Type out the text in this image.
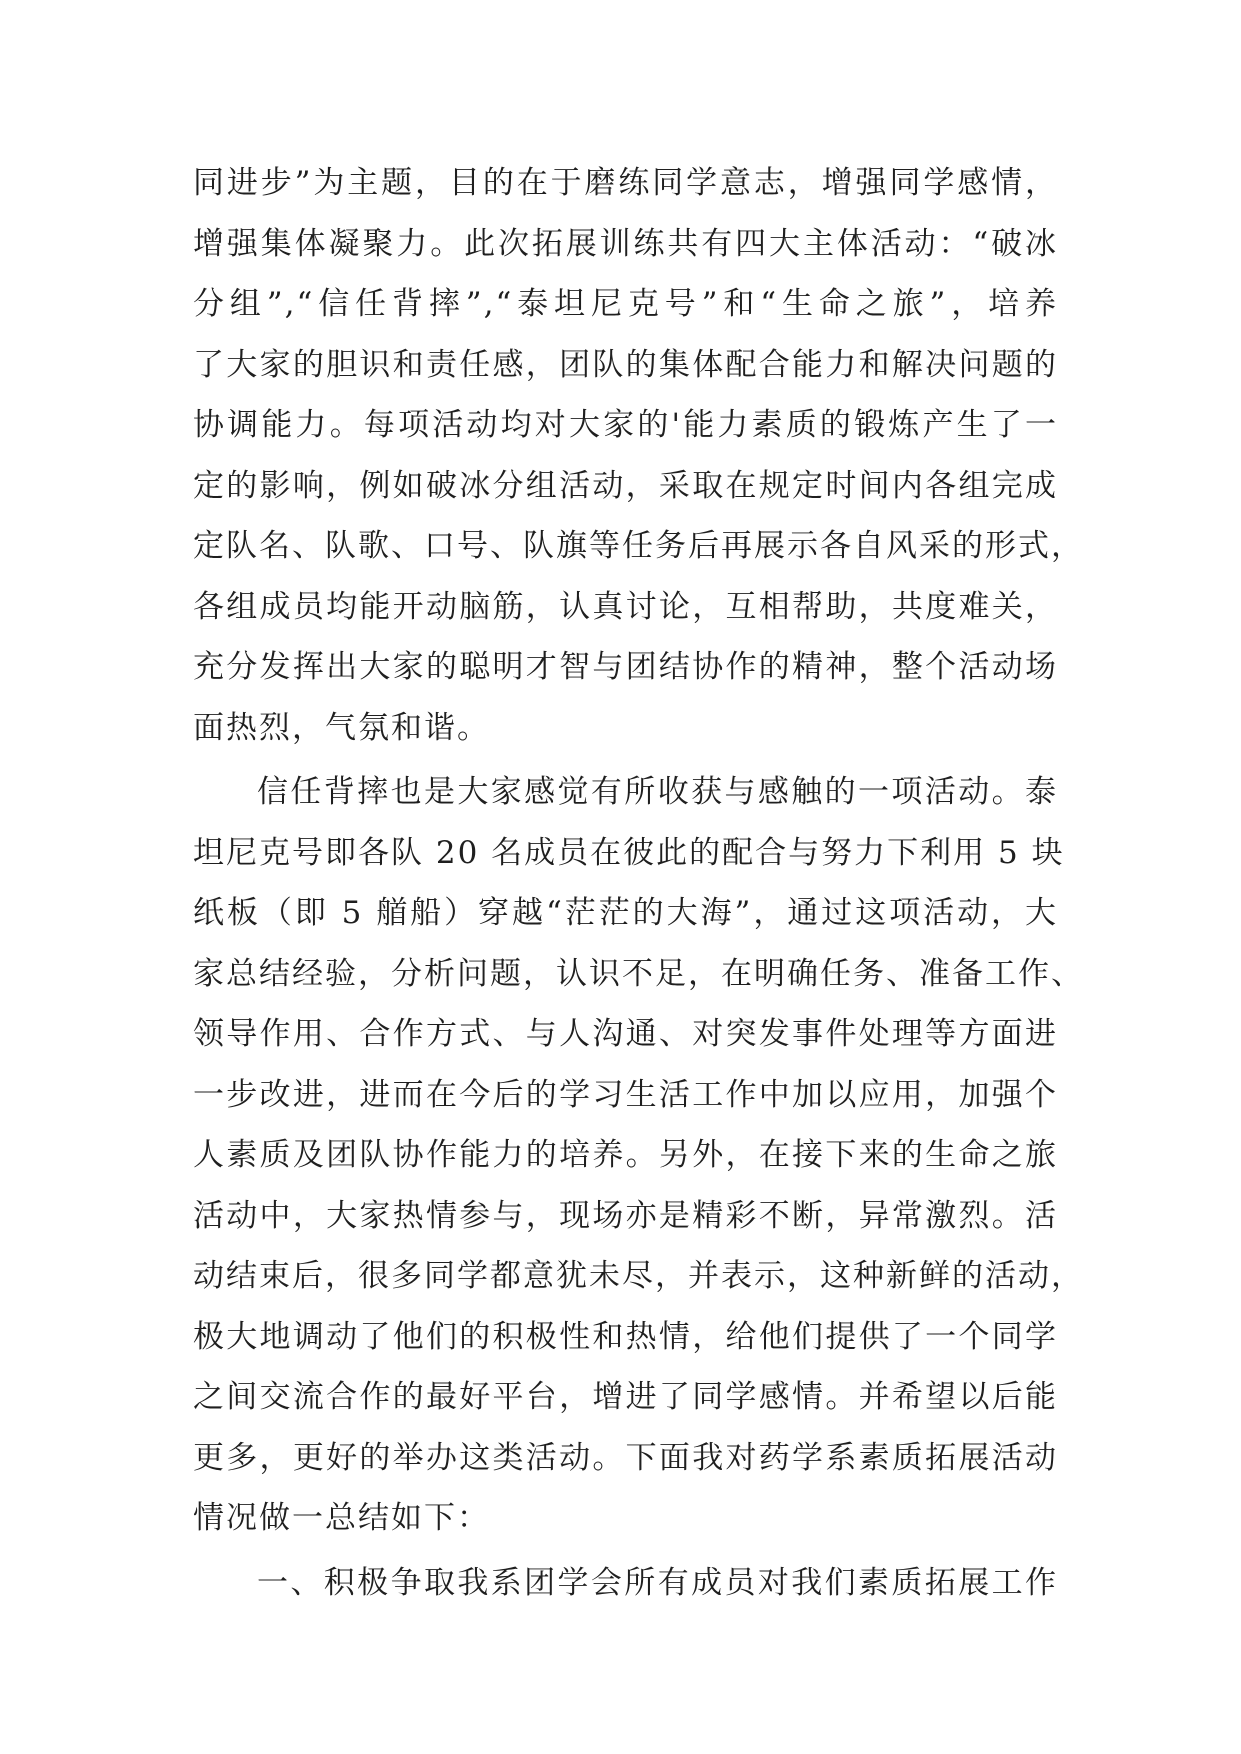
同进步”为主题，目的在于磨练同学意志，增强同学感情，
增强集体凝聚力。此次拓展训练共有四大主体活动：“破冰
分组”,“信任背摔”,“泰坦尼克号”和“生命之旅”，培养
了大家的胆识和责任感，团队的集体配合能力和解决问题的
协调能力。每项活动均对大家的'能力素质的锻炼产生了一
定的影响，例如破冰分组活动，采取在规定时间内各组完成
定队名、队歌、口号、队旗等任务后再展示各自风采的形式，
各组成员均能开动脑筋，认真讨论，互相帮助，共度难关，
充分发挥出大家的聪明才智与团结协作的精神，整个活动场
面热烈，气氛和谐。
信任背摔也是大家感觉有所收获与感触的一项活动。泰
坦尼克号即各队 20 名成员在彼此的配合与努力下利用 5 块
纸板（即 5 艏船）穿越“茫茫的大海”，通过这项活动，大
家总结经验，分析问题，认识不足，在明确任务、准备工作、
领导作用、合作方式、与人沟通、对突发事件处理等方面进
一步改进，进而在今后的学习生活工作中加以应用，加强个
人素质及团队协作能力的培养。另外，在接下来的生命之旅
活动中，大家热情参与，现场亦是精彩不断，异常激烈。活
动结束后，很多同学都意犹未尽，并表示，这种新鲜的活动，
极大地调动了他们的积极性和热情，给他们提供了一个同学
之间交流合作的最好平台，增进了同学感情。并希望以后能
更多，更好的举办这类活动。下面我对药学系素质拓展活动
情况做一总结如下：
一、积极争取我系团学会所有成员对我们素质拓展工作
